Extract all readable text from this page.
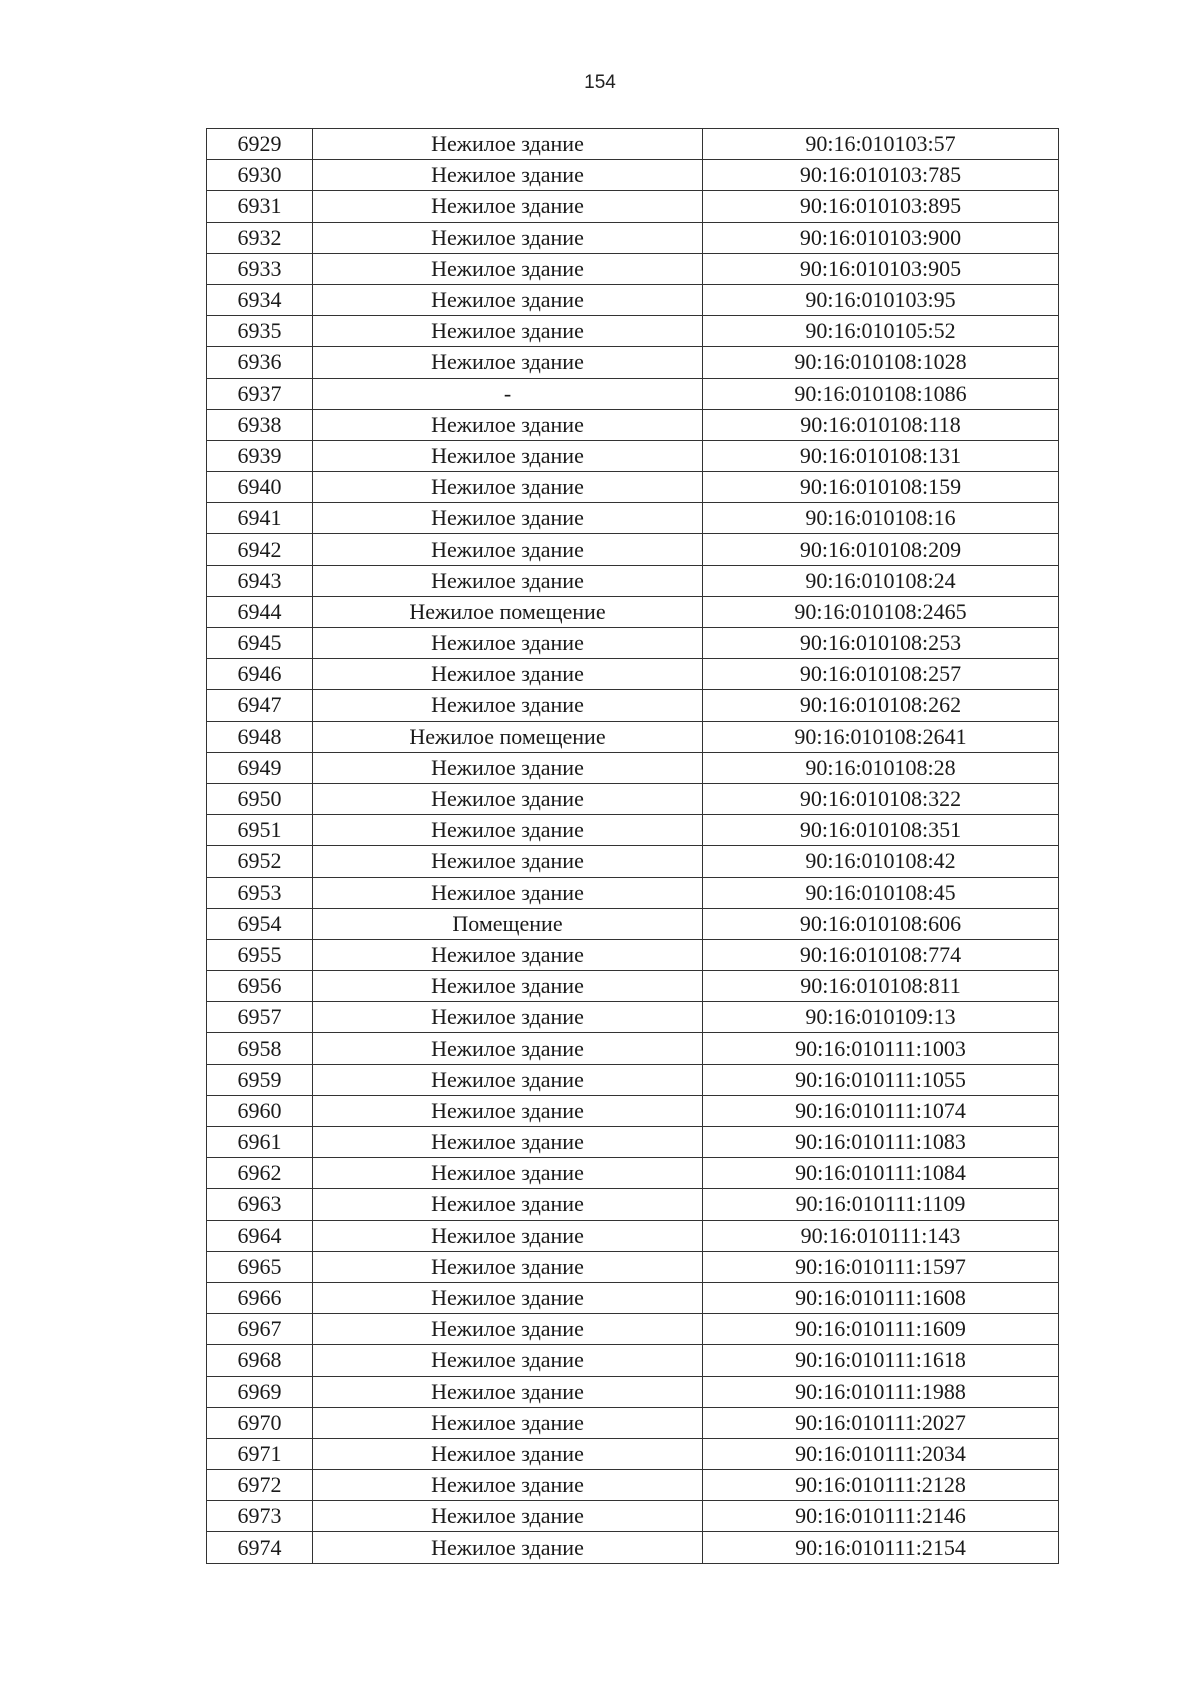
154
6929	Нежилое здание	90:16:010103:57
6930	Нежилое здание	90:16:010103:785
6931	Нежилое здание	90:16:010103:895
6932	Нежилое здание	90:16:010103:900
6933	Нежилое здание	90:16:010103:905
6934	Нежилое здание	90:16:010103:95
6935	Нежилое здание	90:16:010105:52
6936	Нежилое здание	90:16:010108:1028
6937	-	90:16:010108:1086
6938	Нежилое здание	90:16:010108:118
6939	Нежилое здание	90:16:010108:131
6940	Нежилое здание	90:16:010108:159
6941	Нежилое здание	90:16:010108:16
6942	Нежилое здание	90:16:010108:209
6943	Нежилое здание	90:16:010108:24
6944	Нежилое помещение	90:16:010108:2465
6945	Нежилое здание	90:16:010108:253
6946	Нежилое здание	90:16:010108:257
6947	Нежилое здание	90:16:010108:262
6948	Нежилое помещение	90:16:010108:2641
6949	Нежилое здание	90:16:010108:28
6950	Нежилое здание	90:16:010108:322
6951	Нежилое здание	90:16:010108:351
6952	Нежилое здание	90:16:010108:42
6953	Нежилое здание	90:16:010108:45
6954	Помещение	90:16:010108:606
6955	Нежилое здание	90:16:010108:774
6956	Нежилое здание	90:16:010108:811
6957	Нежилое здание	90:16:010109:13
6958	Нежилое здание	90:16:010111:1003
6959	Нежилое здание	90:16:010111:1055
6960	Нежилое здание	90:16:010111:1074
6961	Нежилое здание	90:16:010111:1083
6962	Нежилое здание	90:16:010111:1084
6963	Нежилое здание	90:16:010111:1109
6964	Нежилое здание	90:16:010111:143
6965	Нежилое здание	90:16:010111:1597
6966	Нежилое здание	90:16:010111:1608
6967	Нежилое здание	90:16:010111:1609
6968	Нежилое здание	90:16:010111:1618
6969	Нежилое здание	90:16:010111:1988
6970	Нежилое здание	90:16:010111:2027
6971	Нежилое здание	90:16:010111:2034
6972	Нежилое здание	90:16:010111:2128
6973	Нежилое здание	90:16:010111:2146
6974	Нежилое здание	90:16:010111:2154
